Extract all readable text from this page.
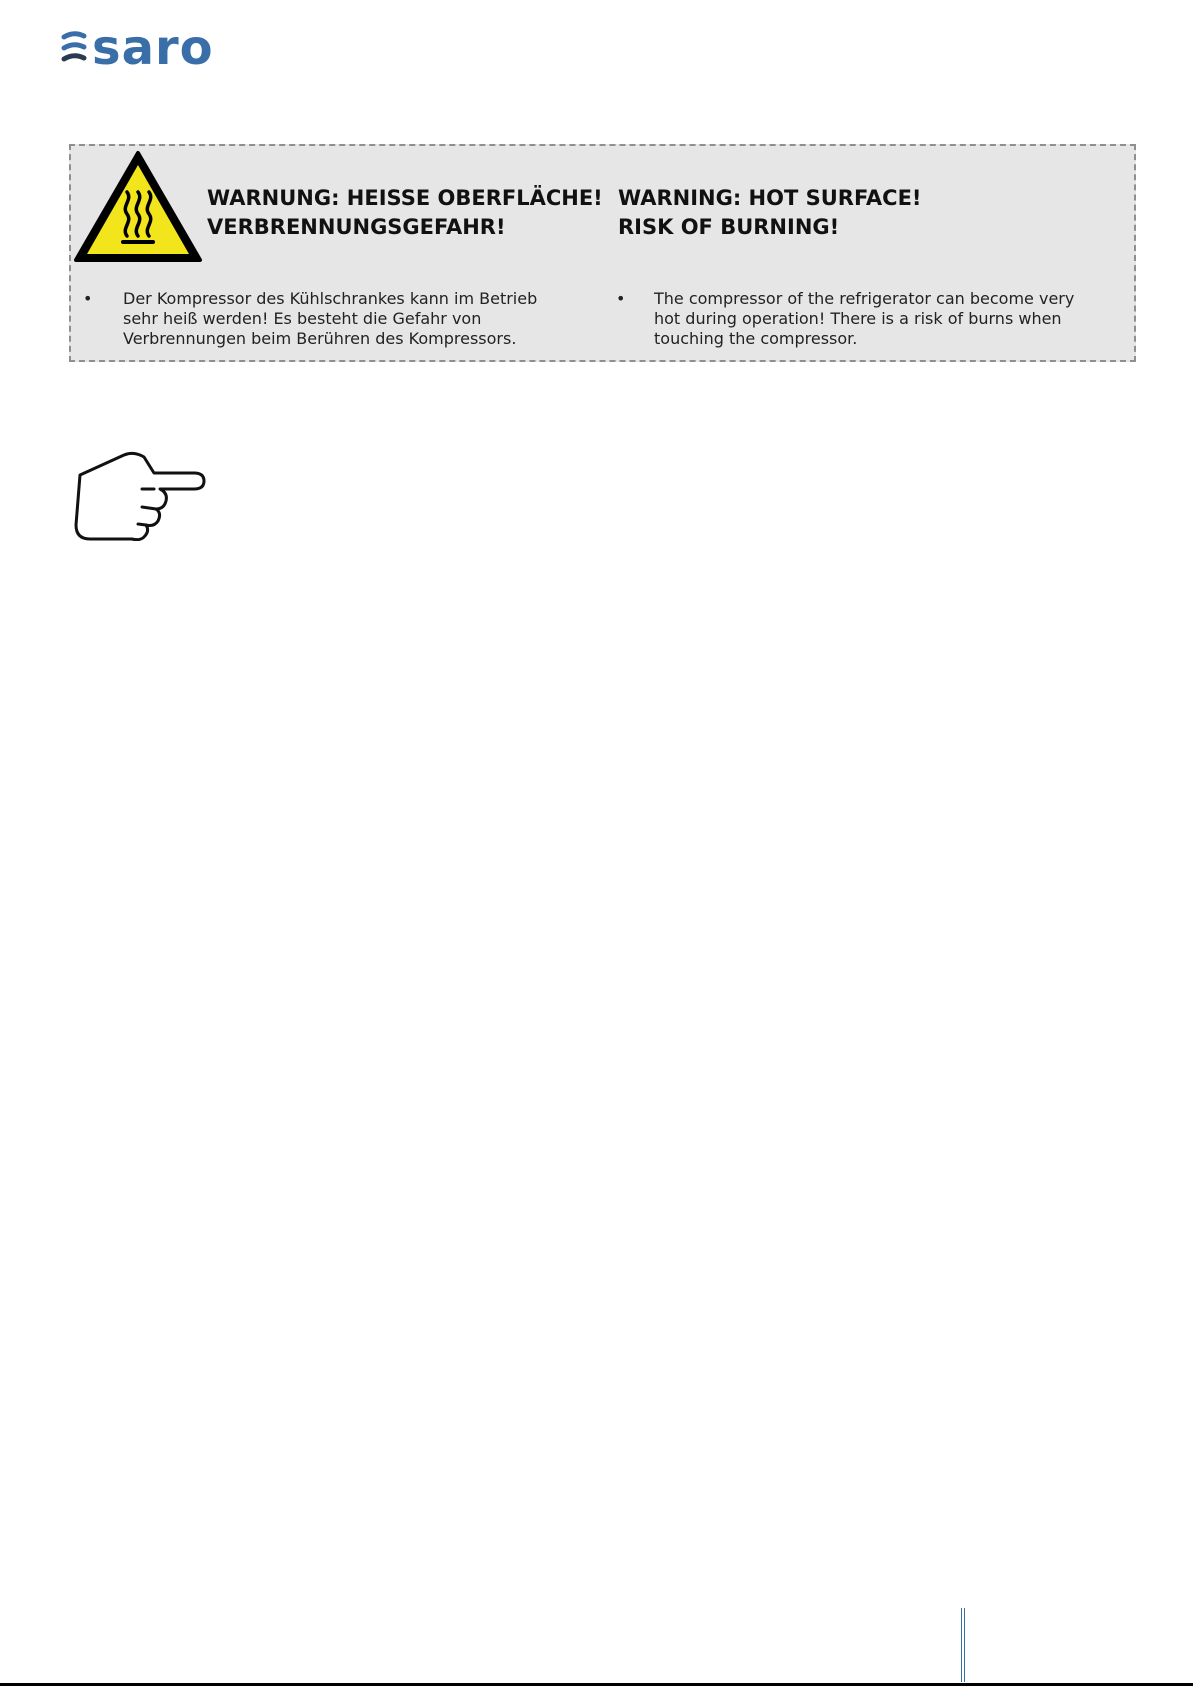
saro
WARNUNG: HEISSE OBERFLÄCHE!
VERBRENNUNGSGEFAHR!
WARNING: HOT SURFACE!
RISK OF BURNING!
• Der Kompressor des Kühlschrankes kann im Betrieb
sehr heiß werden! Es besteht die Gefahr von
Verbrennungen beim Berühren des Kompressors.
• The compressor of the refrigerator can become very
hot during operation! There is a risk of burns when
touching the compressor.
